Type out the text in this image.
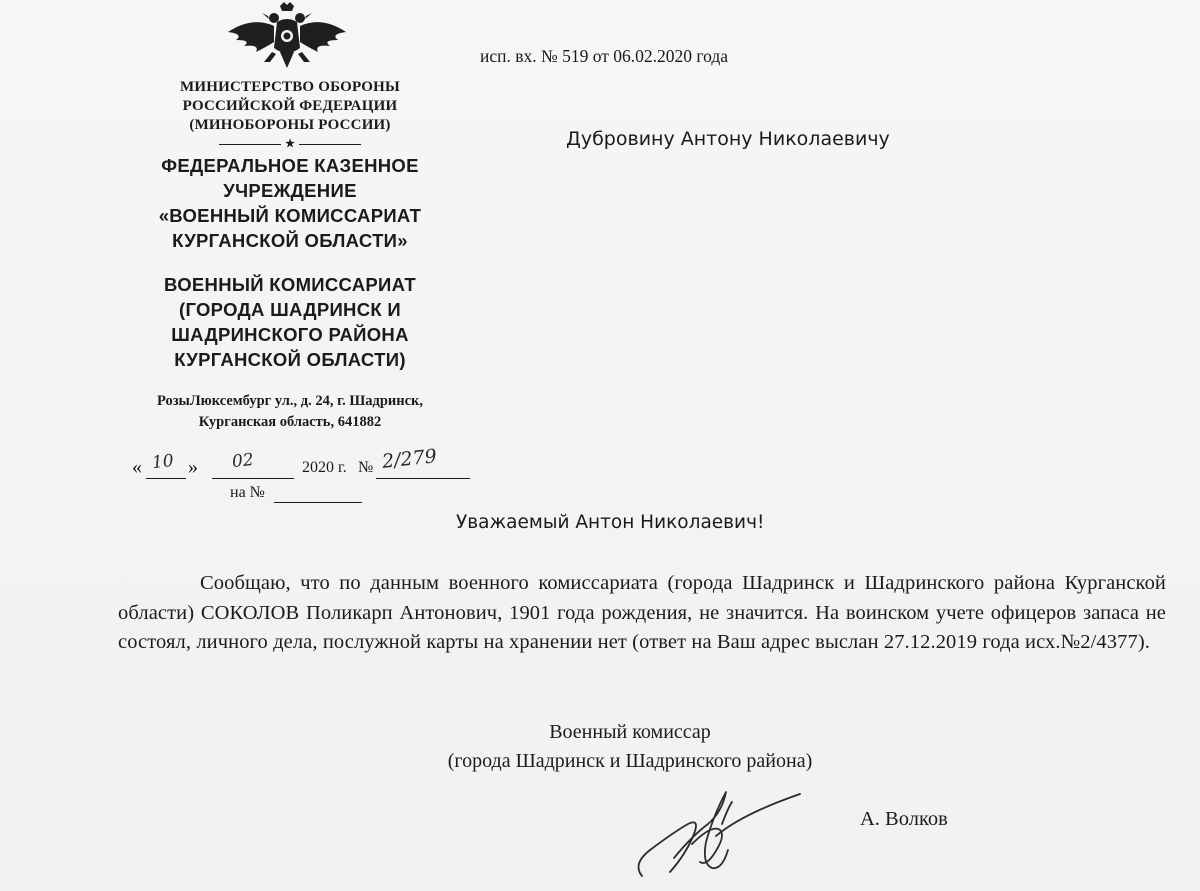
МИНИСТЕРСТВО ОБОРОНЫ
РОССИЙСКОЙ ФЕДЕРАЦИИ
(МИНОБОРОНЫ РОССИИ)
★
ФЕДЕРАЛЬНОЕ КАЗЕННОЕ
УЧРЕЖДЕНИЕ
«ВОЕННЫЙ КОМИССАРИАТ
КУРГАНСКОЙ ОБЛАСТИ»
ВОЕННЫЙ КОМИССАРИАТ
(ГОРОДА ШАДРИНСК И
ШАДРИНСКОГО РАЙОНА
КУРГАНСКОЙ ОБЛАСТИ)
РозыЛюксембург ул., д. 24, г. Шадринск,
Курганская область, 641882
« 10 » 02	2020 г. № 2/279
на №
исп. вх. № 519 от 06.02.2020 года
Дубровину Антону Николаевичу
Уважаемый Антон Николаевич!
Сообщаю, что по данным военного комиссариата (города Шадринск и Шадринского района Курганской области) СОКОЛОВ Поликарп Антонович, 1901 года рождения, не значится. На воинском учете офицеров запаса не состоял, личного дела, послужной карты на хранении нет (ответ на Ваш адрес выслан 27.12.2019 года исх.№2/4377).
Военный комиссар
(города Шадринск и Шадринского района)
А. Волков
